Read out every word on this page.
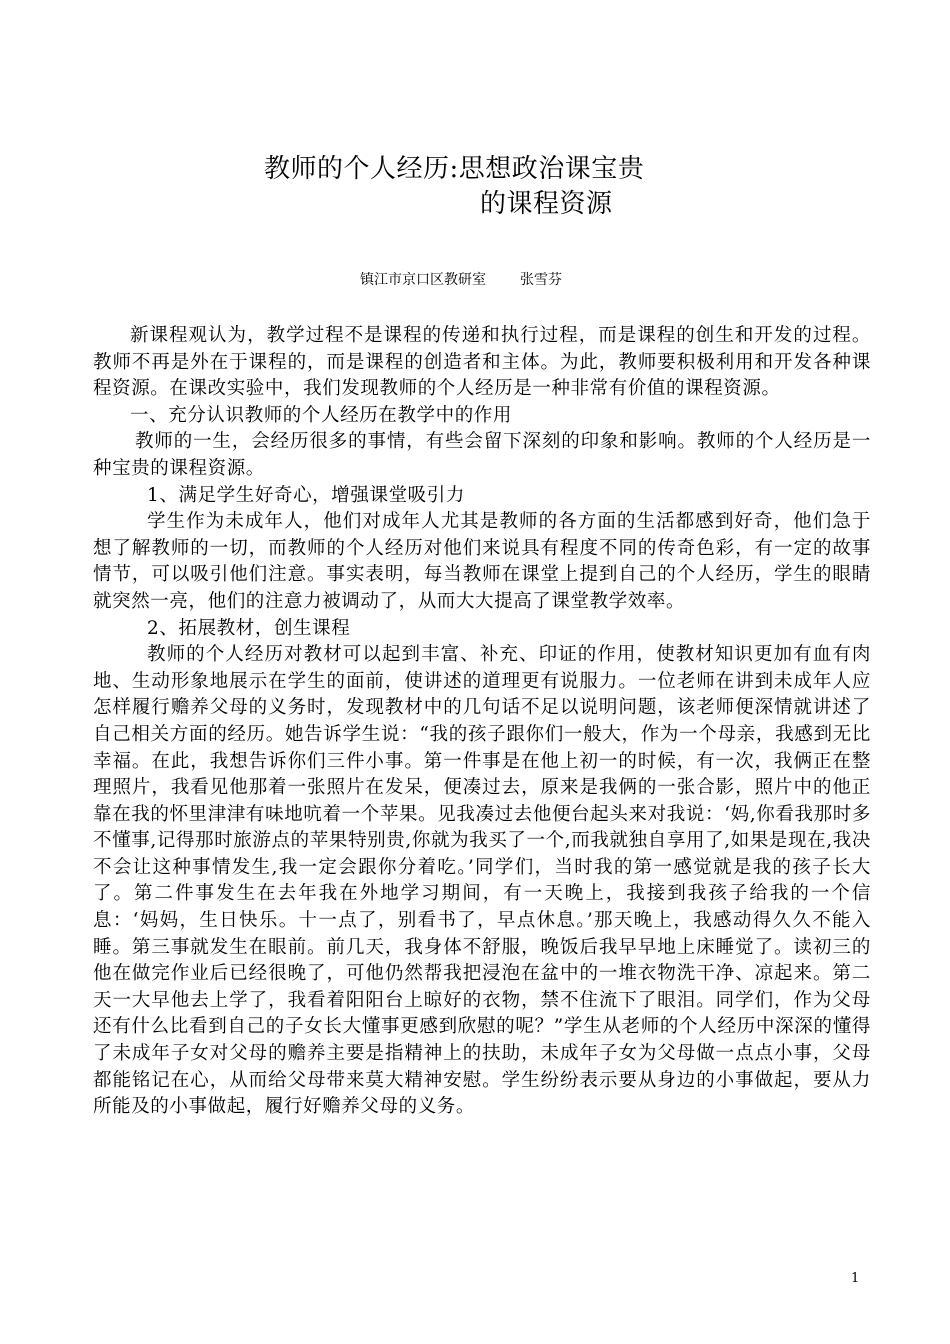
教师的个人经历:思想政治课宝贵
的课程资源
镇江市京口区教研室 张雪芬

新课程观认为，教学过程不是课程的传递和执行过程，而是课程的创生和开发的过程。教师不再是外在于课程的，而是课程的创造者和主体。为此，教师要积极利用和开发各种课程资源。在课改实验中，我们发现教师的个人经历是一种非常有价值的课程资源。

一、充分认识教师的个人经历在教学中的作用

教师的一生，会经历很多的事情，有些会留下深刻的印象和影响。教师的个人经历是一种宝贵的课程资源。

1、满足学生好奇心，增强课堂吸引力

学生作为未成年人，他们对成年人尤其是教师的各方面的生活都感到好奇，他们急于想了解教师的一切，而教师的个人经历对他们来说具有程度不同的传奇色彩，有一定的故事情节，可以吸引他们注意。事实表明，每当教师在课堂上提到自己的个人经历，学生的眼睛就突然一亮，他们的注意力被调动了，从而大大提高了课堂教学效率。

2、拓展教材，创生课程

教师的个人经历对教材可以起到丰富、补充、印证的作用，使教材知识更加有血有肉地、生动形象地展示在学生的面前，使讲述的道理更有说服力。一位老师在讲到未成年人应怎样履行赡养父母的义务时，发现教材中的几句话不足以说明问题，该老师便深情就讲述了自己相关方面的经历。她告诉学生说：“我的孩子跟你们一般大，作为一个母亲，我感到无比幸福。在此，我想告诉你们三件小事。第一件事是在他上初一的时候，有一次，我俩正在整理照片，我看见他那着一张照片在发呆，便凑过去，原来是我俩的一张合影，照片中的他正靠在我的怀里津津有味地吭着一个苹果。见我凑过去他便台起头来对我说：‘妈,你看我那时多不懂事,记得那时旅游点的苹果特别贵,你就为我买了一个,而我就独自享用了,如果是现在,我决不会让这种事情发生,我一定会跟你分着吃。’同学们，当时我的第一感觉就是我的孩子长大了。第二件事发生在去年我在外地学习期间，有一天晚上，我接到我孩子给我的一个信息：‘妈妈，生日快乐。十一点了，别看书了，早点休息。’那天晚上，我感动得久久不能入睡。第三事就发生在眼前。前几天，我身体不舒服，晚饭后我早早地上床睡觉了。读初三的他在做完作业后已经很晚了，可他仍然帮我把浸泡在盆中的一堆衣物洗干净、凉起来。第二天一大早他去上学了，我看着阳阳台上晾好的衣物，禁不住流下了眼泪。同学们，作为父母还有什么比看到自己的子女长大懂事更感到欣慰的呢？”学生从老师的个人经历中深深的懂得了未成年子女对父母的赡养主要是指精神上的扶助，未成年子女为父母做一点点小事，父母都能铭记在心，从而给父母带来莫大精神安慰。学生纷纷表示要从身边的小事做起，要从力所能及的小事做起，履行好赡养父母的义务。

1
